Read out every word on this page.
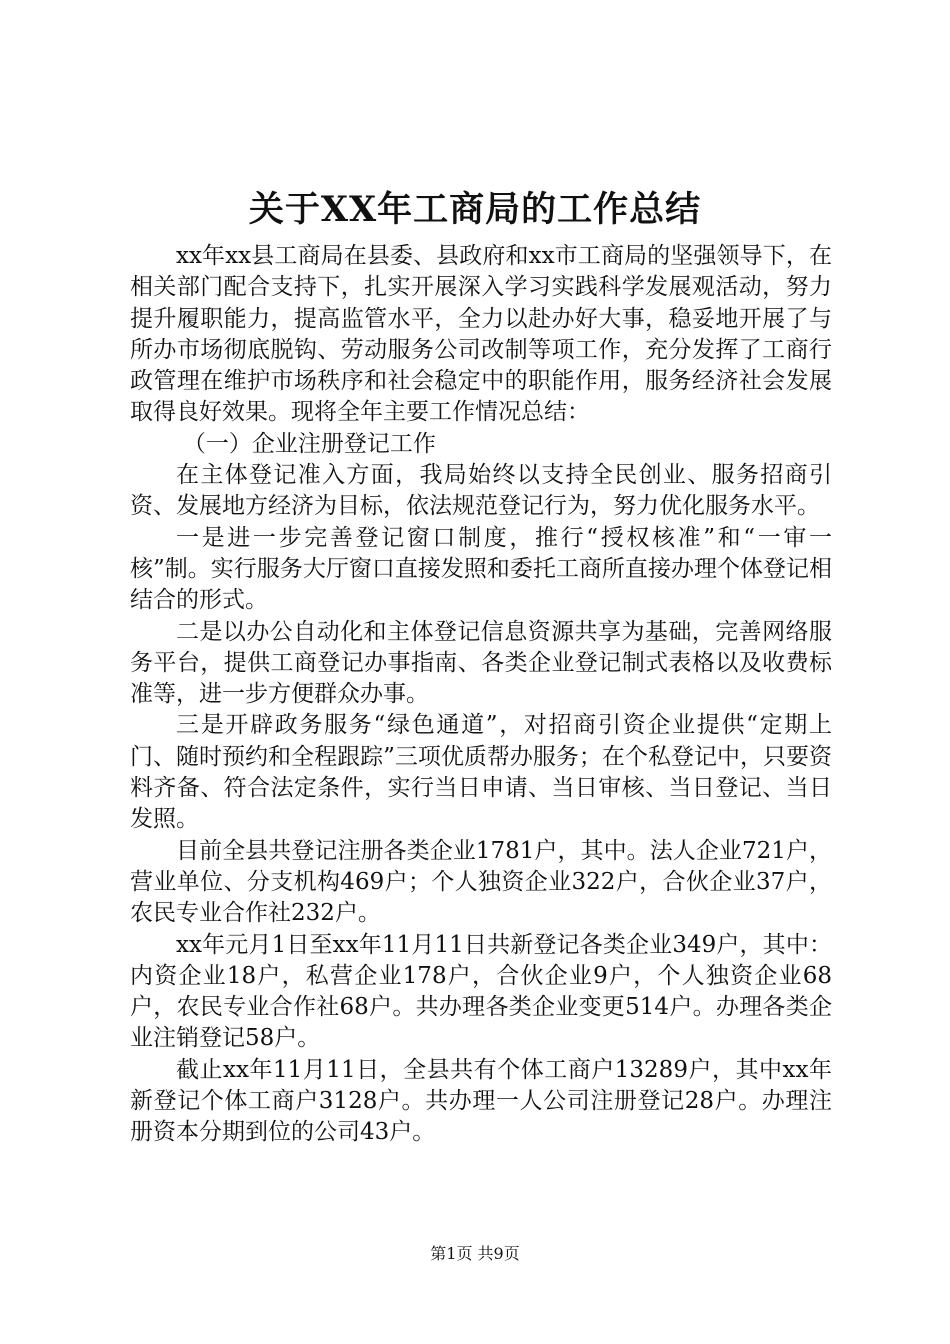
关于XX年工商局的工作总结

xx年xx县工商局在县委、县政府和xx市工商局的坚强领导下，在相关部门配合支持下，扎实开展深入学习实践科学发展观活动，努力提升履职能力，提高监管水平，全力以赴办好大事，稳妥地开展了与所办市场彻底脱钩、劳动服务公司改制等项工作，充分发挥了工商行政管理在维护市场秩序和社会稳定中的职能作用，服务经济社会发展取得良好效果。现将全年主要工作情况总结：

（一）企业注册登记工作

在主体登记准入方面，我局始终以支持全民创业、服务招商引资、发展地方经济为目标，依法规范登记行为，努力优化服务水平。

一是进一步完善登记窗口制度，推行“授权核准”和“一审一核”制。实行服务大厅窗口直接发照和委托工商所直接办理个体登记相结合的形式。

二是以办公自动化和主体登记信息资源共享为基础，完善网络服务平台，提供工商登记办事指南、各类企业登记制式表格以及收费标准等，进一步方便群众办事。

三是开辟政务服务“绿色通道”，对招商引资企业提供“定期上门、随时预约和全程跟踪”三项优质帮办服务；在个私登记中，只要资料齐备、符合法定条件，实行当日申请、当日审核、当日登记、当日发照。

目前全县共登记注册各类企业1781户，其中。法人企业721户，营业单位、分支机构469户；个人独资企业322户，合伙企业37户，农民专业合作社232户。

xx年元月1日至xx年11月11日共新登记各类企业349户，其中：内资企业18户，私营企业178户，合伙企业9户，个人独资企业68户，农民专业合作社68户。共办理各类企业变更514户。办理各类企业注销登记58户。

截止xx年11月11日，全县共有个体工商户13289户，其中xx年新登记个体工商户3128户。共办理一人公司注册登记28户。办理注册资本分期到位的公司43户。

第1页 共9页
